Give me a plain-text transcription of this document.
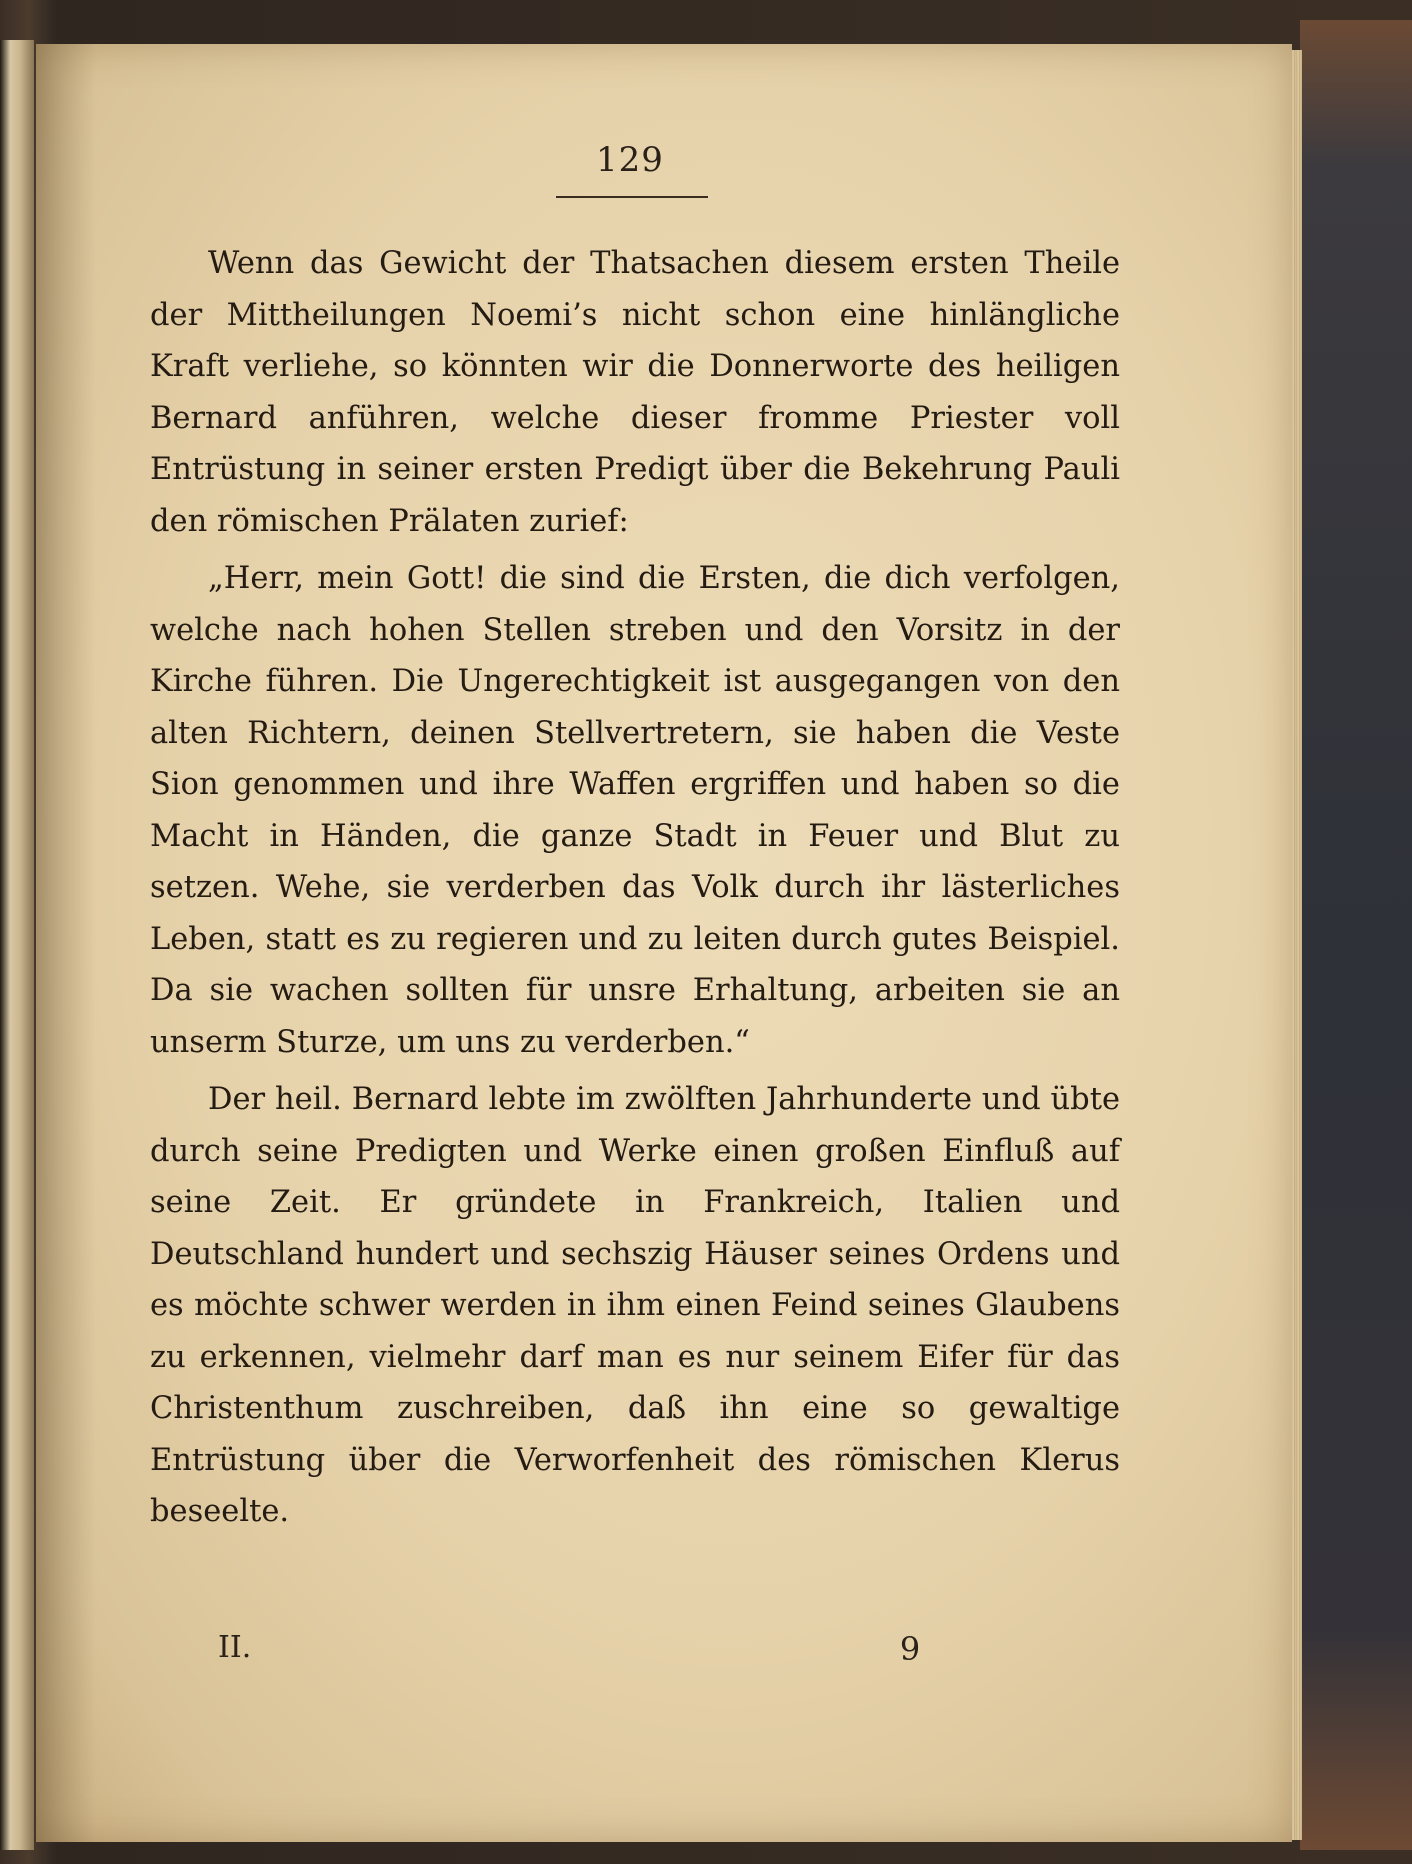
129

Wenn das Gewicht der Thatsachen diesem ersten Theile der Mittheilungen Noemi’s nicht schon eine hinlängliche Kraft verliehe, so könnten wir die Donnerworte des heiligen Bernard anführen, welche dieser fromme Priester voll Entrüstung in seiner ersten Predigt über die Bekehrung Pauli den römischen Prälaten zurief:

„Herr, mein Gott! die sind die Ersten, die dich verfolgen, welche nach hohen Stellen streben und den Vorsitz in der Kirche führen. Die Ungerechtigkeit ist ausgegangen von den alten Richtern, deinen Stellvertretern, sie haben die Veste Sion genommen und ihre Waffen ergriffen und haben so die Macht in Händen, die ganze Stadt in Feuer und Blut zu setzen. Wehe, sie verderben das Volk durch ihr lästerliches Leben, statt es zu regieren und zu leiten durch gutes Beispiel. Da sie wachen sollten für unsre Erhaltung, arbeiten sie an unserm Sturze, um uns zu verderben.“

Der heil. Bernard lebte im zwölften Jahrhunderte und übte durch seine Predigten und Werke einen großen Einfluß auf seine Zeit. Er gründete in Frankreich, Italien und Deutschland hundert und sechszig Häuser seines Ordens und es möchte schwer werden in ihm einen Feind seines Glaubens zu erkennen, vielmehr darf man es nur seinem Eifer für das Christenthum zuschreiben, daß ihn eine so gewaltige Entrüstung über die Verworfenheit des römischen Klerus beseelte.

II.	9
